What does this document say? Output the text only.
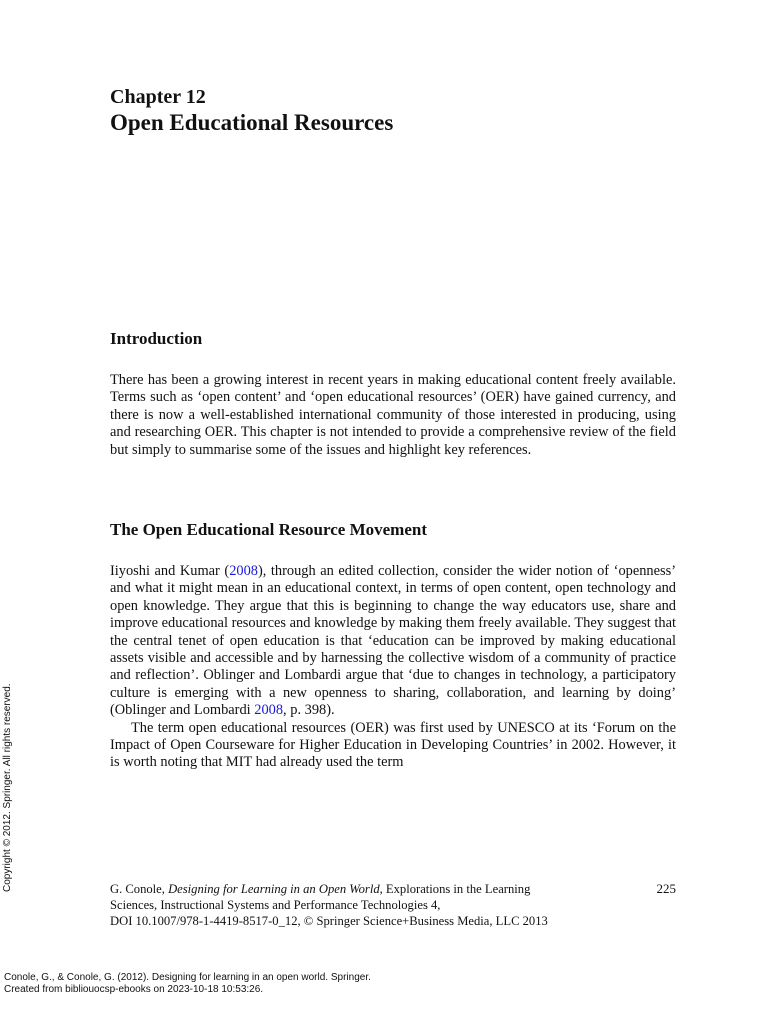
Chapter 12
Open Educational Resources
Introduction

There has been a growing interest in recent years in making educational content freely available. Terms such as ‘open content’ and ‘open educational resources’ (OER) have gained currency, and there is now a well-established international community of those interested in producing, using and researching OER. This chapter is not intended to provide a comprehensive review of the field but simply to summarise some of the issues and highlight key references.

The Open Educational Resource Movement

Iiyoshi and Kumar (2008), through an edited collection, consider the wider notion of ‘openness’ and what it might mean in an educational context, in terms of open content, open technology and open knowledge. They argue that this is beginning to change the way educators use, share and improve educational resources and knowledge by making them freely available. They suggest that the central tenet of open education is that ‘education can be improved by making educational assets visible and accessible and by harnessing the collective wisdom of a community of practice and reflection’. Oblinger and Lombardi argue that ‘due to changes in technology, a participatory culture is emerging with a new openness to sharing, collaboration, and learning by doing’ (Oblinger and Lombardi 2008, p. 398).

The term open educational resources (OER) was first used by UNESCO at its ‘Forum on the Impact of Open Courseware for Higher Education in Developing Countries’ in 2002. However, it is worth noting that MIT had already used the term

G. Conole, Designing for Learning in an Open World, Explorations in the Learning
Sciences, Instructional Systems and Performance Technologies 4,
DOI 10.1007/978-1-4419-8517-0_12, © Springer Science+Business Media, LLC 2013
225
Copyright © 2012. Springer. All rights reserved.
Conole, G., & Conole, G. (2012). Designing for learning in an open world. Springer.
Created from bibliouocsp-ebooks on 2023-10-18 10:53:26.
